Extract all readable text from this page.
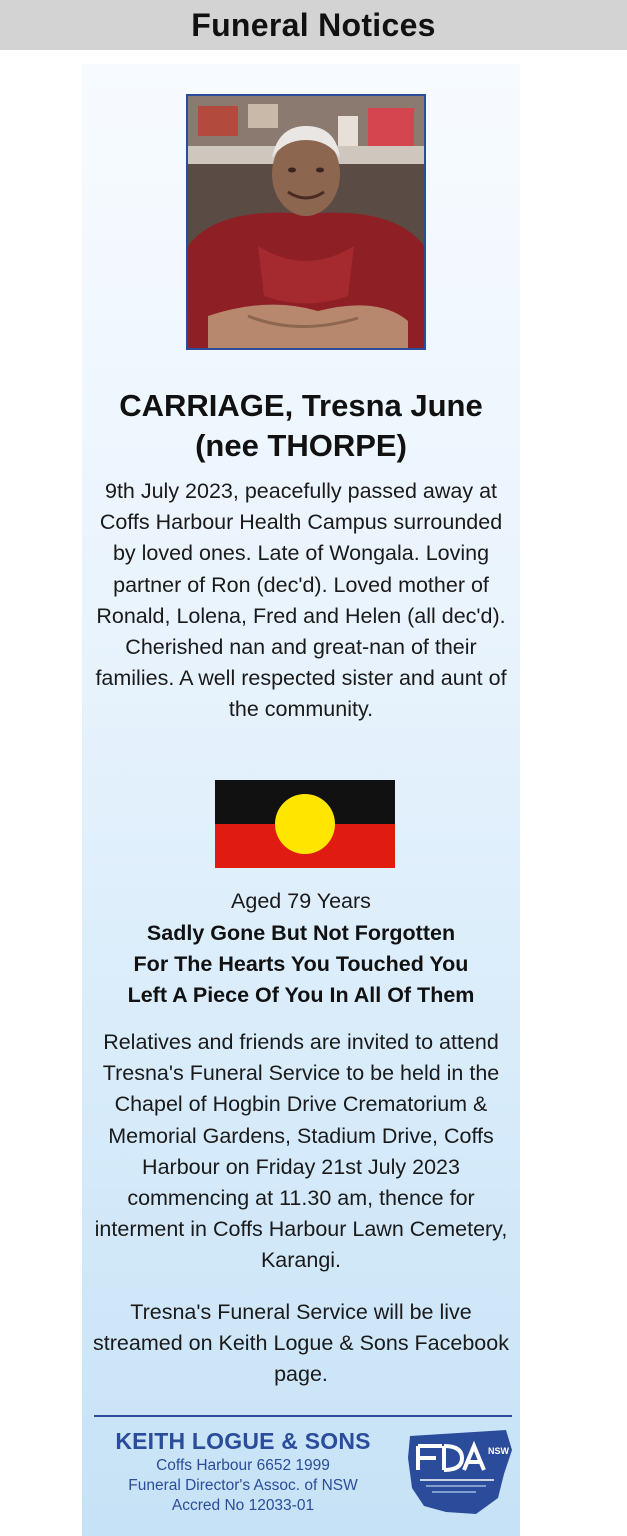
Funeral Notices
CARRIAGE, Tresna June
(nee THORPE)
9th July 2023, peacefully passed away at Coffs Harbour Health Campus surrounded by loved ones. Late of Wongala. Loving partner of Ron (dec'd). Loved mother of Ronald, Lolena, Fred and Helen (all dec'd). Cherished nan and great-nan of their families. A well respected sister and aunt of the community.
Aged 79 Years
Sadly Gone But Not Forgotten
For The Hearts You Touched You
Left A Piece Of You In All Of Them
Relatives and friends are invited to attend Tresna's Funeral Service to be held in the Chapel of Hogbin Drive Crematorium & Memorial Gardens, Stadium Drive, Coffs Harbour on Friday 21st July 2023 commencing at 11.30 am, thence for interment in Coffs Harbour Lawn Cemetery, Karangi.
Tresna's Funeral Service will be live streamed on Keith Logue & Sons Facebook page.
KEITH LOGUE & SONS
Coffs Harbour 6652 1999
Funeral Director's Assoc. of NSW
Accred No 12033-01
NSW
